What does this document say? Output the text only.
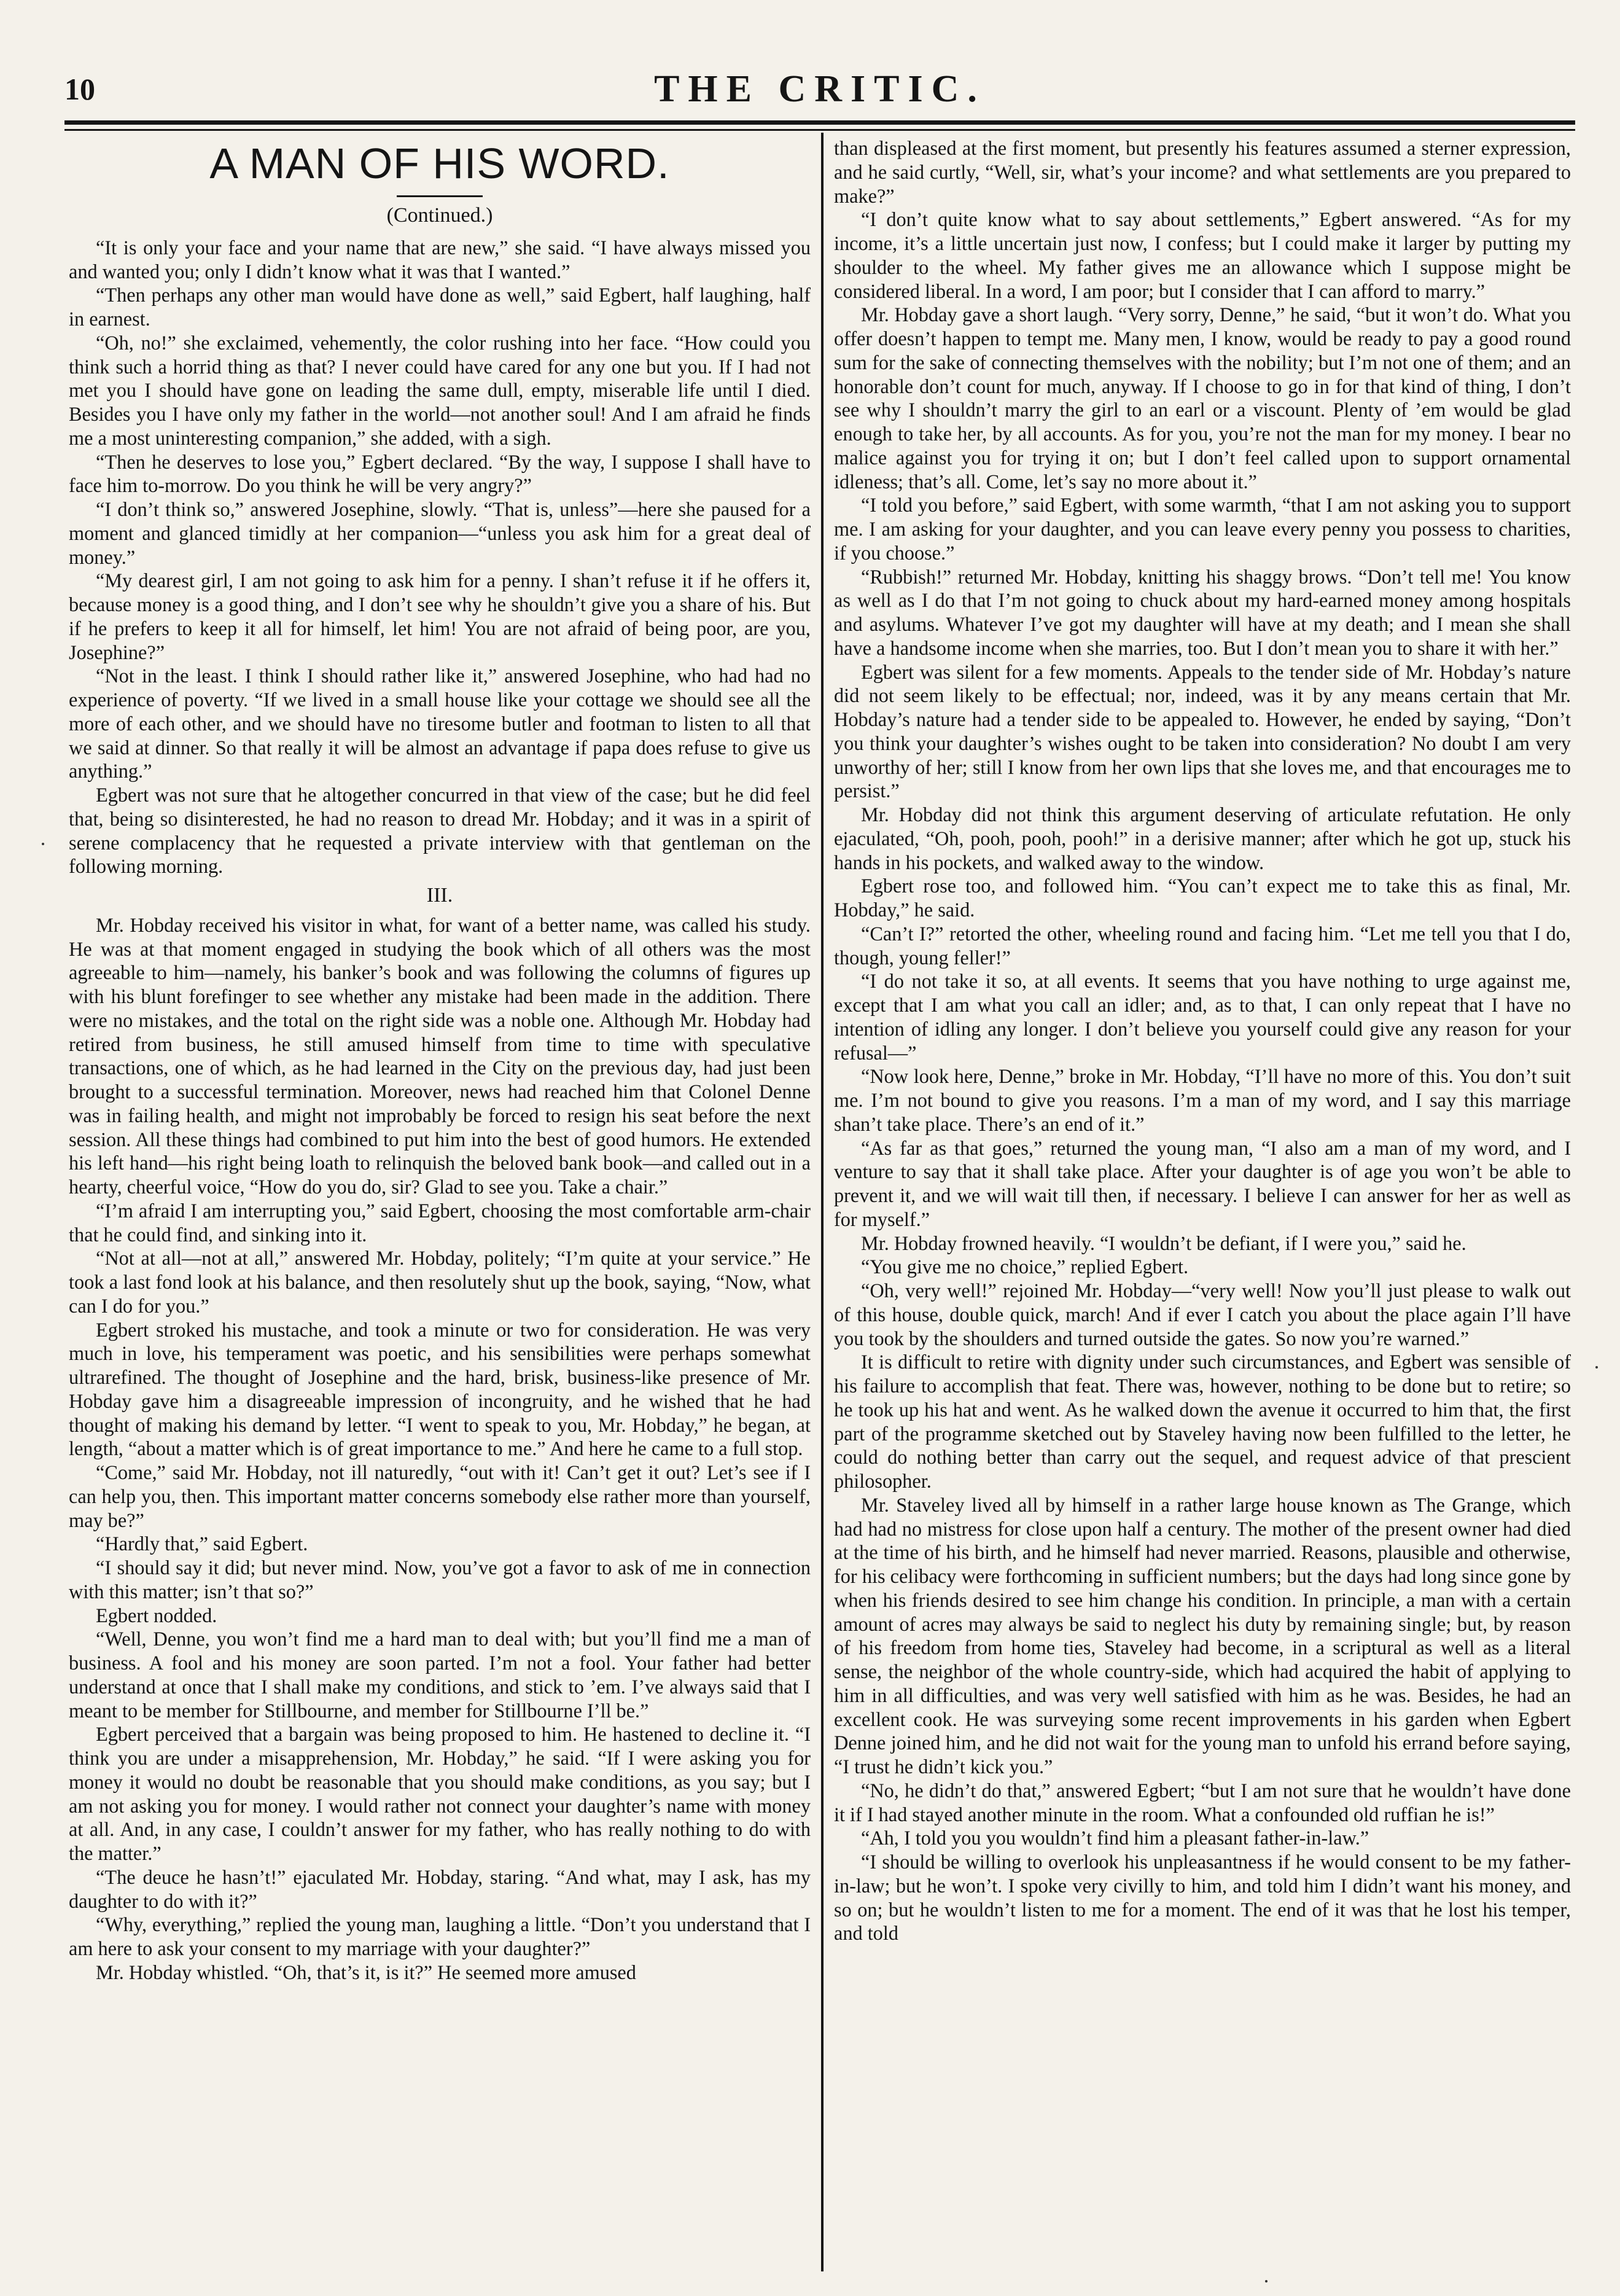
10	THE CRITIC.
A MAN OF HIS WORD.
(Continued.)

“It is only your face and your name that are new,” she said. “I have always missed you and wanted you; only I didn’t know what it was that I wanted.”

“Then perhaps any other man would have done as well,” said Egbert, half laughing, half in earnest.

“Oh, no!” she exclaimed, vehemently, the color rushing into her face. “How could you think such a horrid thing as that? I never could have cared for any one but you. If I had not met you I should have gone on leading the same dull, empty, miserable life until I died. Besides you I have only my father in the world—not another soul! And I am afraid he finds me a most uninteresting companion,” she added, with a sigh.

“Then he deserves to lose you,” Egbert declared. “By the way, I suppose I shall have to face him to-morrow. Do you think he will be very angry?”

“I don’t think so,” answered Josephine, slowly. “That is, unless”—here she paused for a moment and glanced timidly at her companion—“unless you ask him for a great deal of money.”

“My dearest girl, I am not going to ask him for a penny. I shan’t refuse it if he offers it, because money is a good thing, and I don’t see why he shouldn’t give you a share of his. But if he prefers to keep it all for himself, let him! You are not afraid of being poor, are you, Josephine?”

“Not in the least. I think I should rather like it,” answered Josephine, who had had no experience of poverty. “If we lived in a small house like your cottage we should see all the more of each other, and we should have no tiresome butler and footman to listen to all that we said at dinner. So that really it will be almost an advantage if papa does refuse to give us anything.”

Egbert was not sure that he altogether concurred in that view of the case; but he did feel that, being so disinterested, he had no reason to dread Mr. Hobday; and it was in a spirit of serene complacency that he requested a private interview with that gentleman on the following morning.

III.

Mr. Hobday received his visitor in what, for want of a better name, was called his study. He was at that moment engaged in studying the book which of all others was the most agreeable to him—namely, his banker’s book and was following the columns of figures up with his blunt forefinger to see whether any mistake had been made in the addition. There were no mistakes, and the total on the right side was a noble one. Although Mr. Hobday had retired from business, he still amused himself from time to time with speculative transactions, one of which, as he had learned in the City on the previous day, had just been brought to a successful termination. Moreover, news had reached him that Colonel Denne was in failing health, and might not improbably be forced to resign his seat before the next session. All these things had combined to put him into the best of good humors. He extended his left hand—his right being loath to relinquish the beloved bank book—and called out in a hearty, cheerful voice, “How do you do, sir? Glad to see you. Take a chair.”

“I’m afraid I am interrupting you,” said Egbert, choosing the most comfortable arm-chair that he could find, and sinking into it.

“Not at all—not at all,” answered Mr. Hobday, politely; “I’m quite at your service.” He took a last fond look at his balance, and then resolutely shut up the book, saying, “Now, what can I do for you.”

Egbert stroked his mustache, and took a minute or two for consideration. He was very much in love, his temperament was poetic, and his sensibilities were perhaps somewhat ultrarefined. The thought of Josephine and the hard, brisk, business-like presence of Mr. Hobday gave him a disagreeable impression of incongruity, and he wished that he had thought of making his demand by letter. “I went to speak to you, Mr. Hobday,” he began, at length, “about a matter which is of great importance to me.” And here he came to a full stop.

“Come,” said Mr. Hobday, not ill naturedly, “out with it! Can’t get it out? Let’s see if I can help you, then. This important matter concerns somebody else rather more than yourself, may be?”

“Hardly that,” said Egbert.

“I should say it did; but never mind. Now, you’ve got a favor to ask of me in connection with this matter; isn’t that so?”

Egbert nodded.

“Well, Denne, you won’t find me a hard man to deal with; but you’ll find me a man of business. A fool and his money are soon parted. I’m not a fool. Your father had better understand at once that I shall make my conditions, and stick to ’em. I’ve always said that I meant to be member for Stillbourne, and member for Stillbourne I’ll be.”

Egbert perceived that a bargain was being proposed to him. He hastened to decline it. “I think you are under a misapprehension, Mr. Hobday,” he said. “If I were asking you for money it would no doubt be reasonable that you should make conditions, as you say; but I am not asking you for money. I would rather not connect your daughter’s name with money at all. And, in any case, I couldn’t answer for my father, who has really nothing to do with the matter.”

“The deuce he hasn’t!” ejaculated Mr. Hobday, staring. “And what, may I ask, has my daughter to do with it?”

“Why, everything,” replied the young man, laughing a little. “Don’t you understand that I am here to ask your consent to my marriage with your daughter?”

Mr. Hobday whistled. “Oh, that’s it, is it?” He seemed more amused

than displeased at the first moment, but presently his features assumed a sterner expression, and he said curtly, “Well, sir, what’s your income? and what settlements are you prepared to make?”

“I don’t quite know what to say about settlements,” Egbert answered. “As for my income, it’s a little uncertain just now, I confess; but I could make it larger by putting my shoulder to the wheel. My father gives me an allowance which I suppose might be considered liberal. In a word, I am poor; but I consider that I can afford to marry.”

Mr. Hobday gave a short laugh. “Very sorry, Denne,” he said, “but it won’t do. What you offer doesn’t happen to tempt me. Many men, I know, would be ready to pay a good round sum for the sake of connecting themselves with the nobility; but I’m not one of them; and an honorable don’t count for much, anyway. If I choose to go in for that kind of thing, I don’t see why I shouldn’t marry the girl to an earl or a viscount. Plenty of ’em would be glad enough to take her, by all accounts. As for you, you’re not the man for my money. I bear no malice against you for trying it on; but I don’t feel called upon to support ornamental idleness; that’s all. Come, let’s say no more about it.”

“I told you before,” said Egbert, with some warmth, “that I am not asking you to support me. I am asking for your daughter, and you can leave every penny you possess to charities, if you choose.”

“Rubbish!” returned Mr. Hobday, knitting his shaggy brows. “Don’t tell me! You know as well as I do that I’m not going to chuck about my hard-earned money among hospitals and asylums. Whatever I’ve got my daughter will have at my death; and I mean she shall have a handsome income when she marries, too. But I don’t mean you to share it with her.”

Egbert was silent for a few moments. Appeals to the tender side of Mr. Hobday’s nature did not seem likely to be effectual; nor, indeed, was it by any means certain that Mr. Hobday’s nature had a tender side to be appealed to. However, he ended by saying, “Don’t you think your daughter’s wishes ought to be taken into consideration? No doubt I am very unworthy of her; still I know from her own lips that she loves me, and that encourages me to persist.”

Mr. Hobday did not think this argument deserving of articulate refutation. He only ejaculated, “Oh, pooh, pooh, pooh!” in a derisive manner; after which he got up, stuck his hands in his pockets, and walked away to the window.

Egbert rose too, and followed him. “You can’t expect me to take this as final, Mr. Hobday,” he said.

“Can’t I?” retorted the other, wheeling round and facing him. “Let me tell you that I do, though, young feller!”

“I do not take it so, at all events. It seems that you have nothing to urge against me, except that I am what you call an idler; and, as to that, I can only repeat that I have no intention of idling any longer. I don’t believe you yourself could give any reason for your refusal—”

“Now look here, Denne,” broke in Mr. Hobday, “I’ll have no more of this. You don’t suit me. I’m not bound to give you reasons. I’m a man of my word, and I say this marriage shan’t take place. There’s an end of it.”

“As far as that goes,” returned the young man, “I also am a man of my word, and I venture to say that it shall take place. After your daughter is of age you won’t be able to prevent it, and we will wait till then, if necessary. I believe I can answer for her as well as for myself.”

Mr. Hobday frowned heavily. “I wouldn’t be defiant, if I were you,” said he.

“You give me no choice,” replied Egbert.

“Oh, very well!” rejoined Mr. Hobday—“very well! Now you’ll just please to walk out of this house, double quick, march! And if ever I catch you about the place again I’ll have you took by the shoulders and turned outside the gates. So now you’re warned.”

It is difficult to retire with dignity under such circumstances, and Egbert was sensible of his failure to accomplish that feat. There was, however, nothing to be done but to retire; so he took up his hat and went. As he walked down the avenue it occurred to him that, the first part of the programme sketched out by Staveley having now been fulfilled to the letter, he could do nothing better than carry out the sequel, and request advice of that prescient philosopher.

Mr. Staveley lived all by himself in a rather large house known as The Grange, which had had no mistress for close upon half a century. The mother of the present owner had died at the time of his birth, and he himself had never married. Reasons, plausible and otherwise, for his celibacy were forthcoming in sufficient numbers; but the days had long since gone by when his friends desired to see him change his condition. In principle, a man with a certain amount of acres may always be said to neglect his duty by remaining single; but, by reason of his freedom from home ties, Staveley had become, in a scriptural as well as a literal sense, the neighbor of the whole country-side, which had acquired the habit of applying to him in all difficulties, and was very well satisfied with him as he was. Besides, he had an excellent cook. He was surveying some recent improvements in his garden when Egbert Denne joined him, and he did not wait for the young man to unfold his errand before saying, “I trust he didn’t kick you.”

“No, he didn’t do that,” answered Egbert; “but I am not sure that he wouldn’t have done it if I had stayed another minute in the room. What a confounded old ruffian he is!”

“Ah, I told you you wouldn’t find him a pleasant father-in-law.”

“I should be willing to overlook his unpleasantness if he would consent to be my father-in-law; but he won’t. I spoke very civilly to him, and told him I didn’t want his money, and so on; but he wouldn’t listen to me for a moment. The end of it was that he lost his temper, and told
